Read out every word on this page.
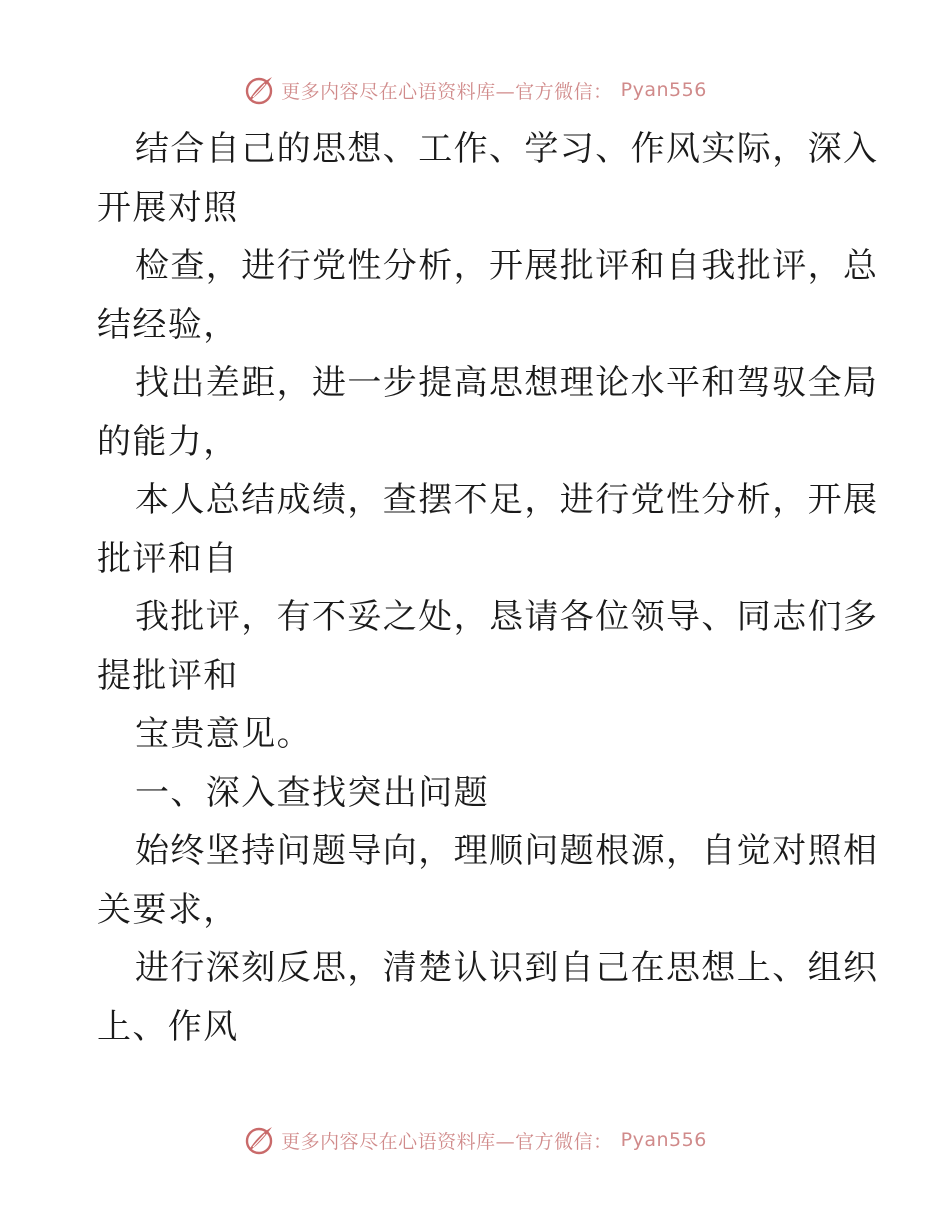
更多内容尽在心语资料库—官方微信： Pyan556
结合自己的思想、工作、学习、作风实际，深入
开展对照
检查，进行党性分析，开展批评和自我批评，总
结经验，
找出差距，进一步提高思想理论水平和驾驭全局
的能力，
本人总结成绩，查摆不足，进行党性分析，开展
批评和自
我批评，有不妥之处，恳请各位领导、同志们多
提批评和
宝贵意见。
一、深入查找突出问题
始终坚持问题导向，理顺问题根源，自觉对照相
关要求，
进行深刻反思，清楚认识到自己在思想上、组织
上、作风
更多内容尽在心语资料库—官方微信： Pyan556
